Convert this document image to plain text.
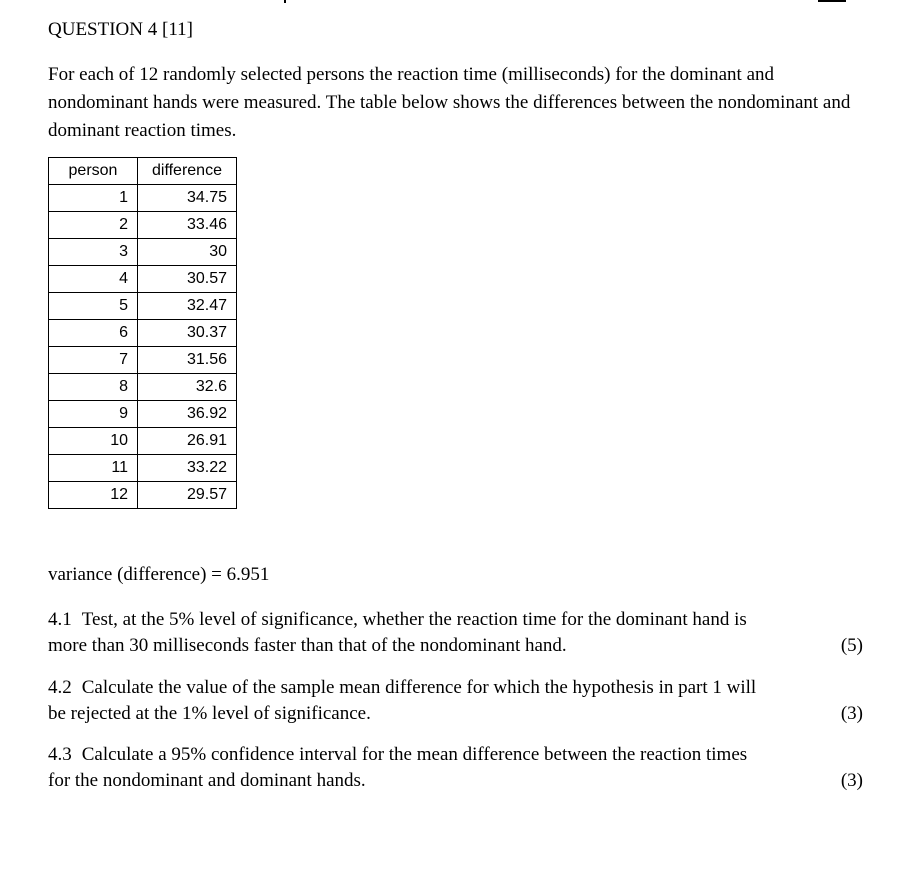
QUESTION 4 [11]
For each of 12 randomly selected persons the reaction time (milliseconds) for the dominant and nondominant hands were measured. The table below shows the differences between the nondominant and dominant reaction times.
person	difference
1	34.75
2	33.46
3	30
4	30.57
5	32.47
6	30.37
7	31.56
8	32.6
9	36.92
10	26.91
11	33.22
12	29.57
variance (difference) = 6.951
4.1 Test, at the 5% level of significance, whether the reaction time for the dominant hand is
more than 30 milliseconds faster than that of the nondominant hand.	(5)
4.2 Calculate the value of the sample mean difference for which the hypothesis in part 1 will
be rejected at the 1% level of significance.	(3)
4.3 Calculate a 95% confidence interval for the mean difference between the reaction times
for the nondominant and dominant hands.	(3)
